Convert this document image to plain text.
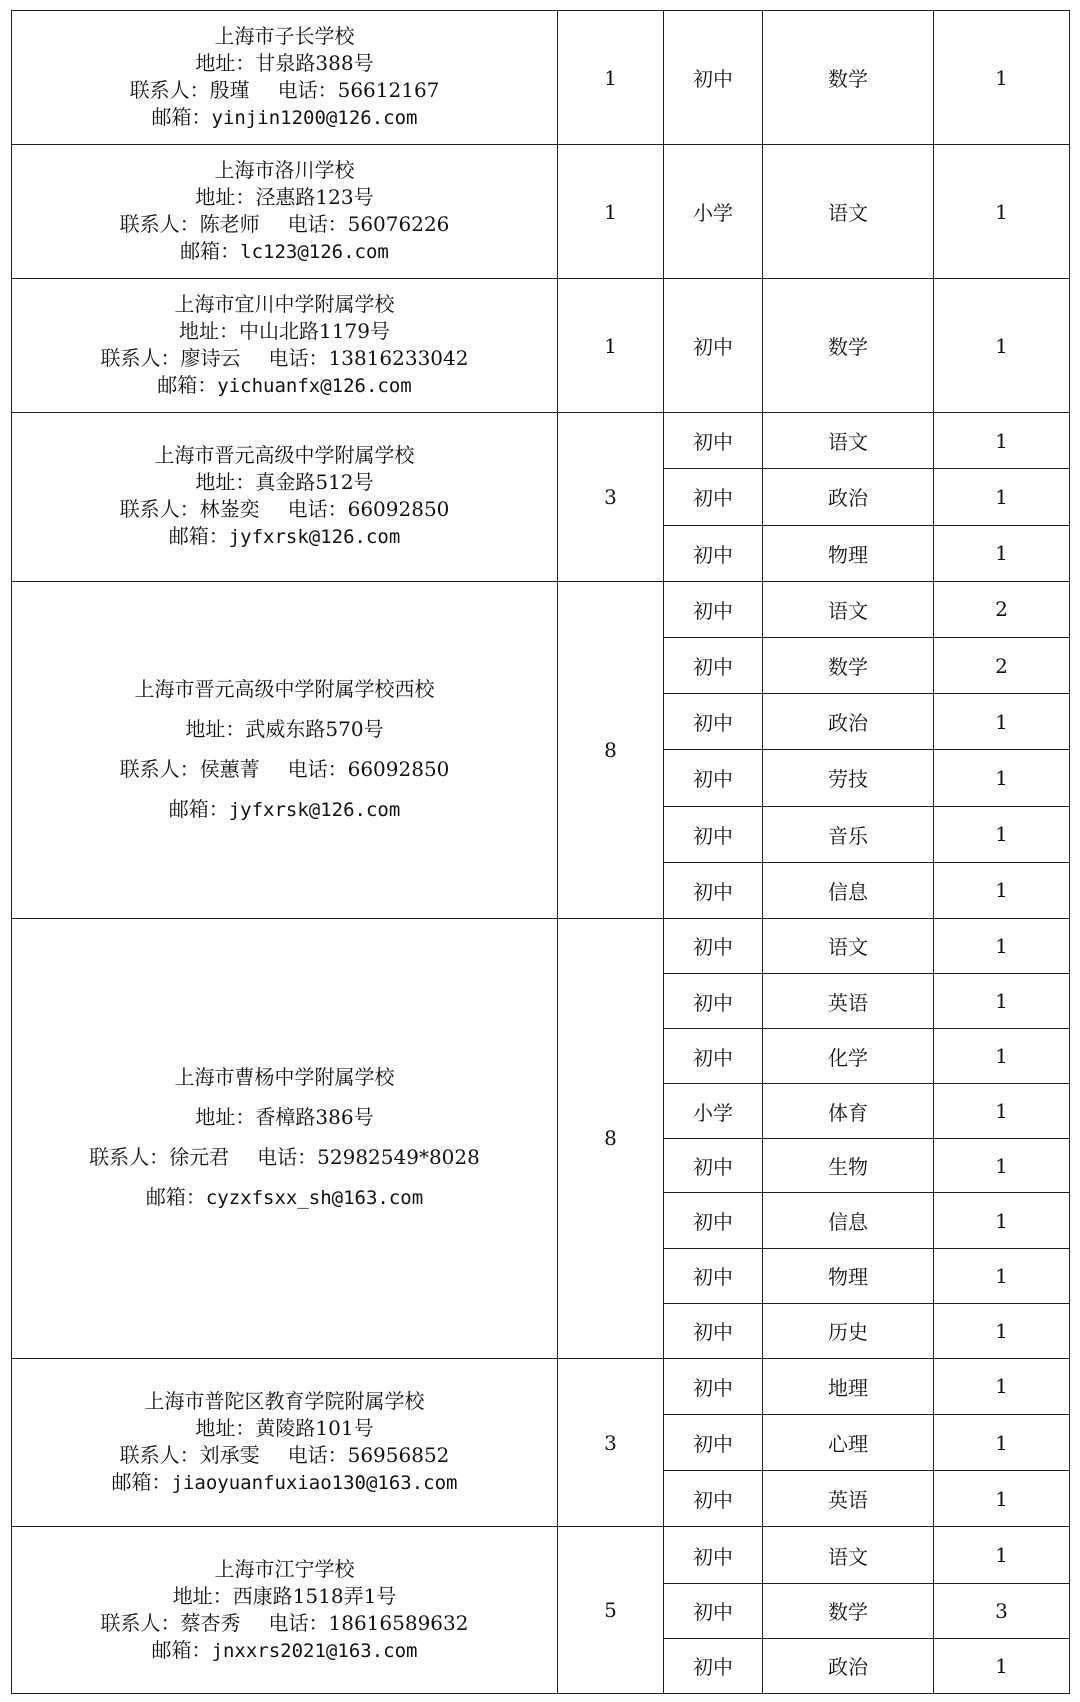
上海市子长学校
地址：甘泉路388号
联系人：殷瑾 电话：56612167
邮箱：yinjin1200@126.com	1	初中	数学	1

上海市洛川学校
地址：泾惠路123号
联系人：陈老师 电话：56076226
邮箱：lc123@126.com	1	小学	语文	1

上海市宜川中学附属学校
地址：中山北路1179号
联系人：廖诗云 电话：13816233042
邮箱：yichuanfx@126.com	1	初中	数学	1

上海市晋元高级中学附属学校
地址：真金路512号
联系人：林崟奕 电话：66092850
邮箱：jyfxrsk@126.com	3	初中	语文	1
		初中	政治	1
		初中	物理	1

上海市晋元高级中学附属学校西校
地址：武威东路570号
联系人：侯蕙菁 电话：66092850
邮箱：jyfxrsk@126.com	8	初中	语文	2
		初中	数学	2
		初中	政治	1
		初中	劳技	1
		初中	音乐	1
		初中	信息	1

上海市曹杨中学附属学校
地址：香樟路386号
联系人：徐元君 电话：52982549*8028
邮箱：cyzxfsxx_sh@163.com	8	初中	语文	1
		初中	英语	1
		初中	化学	1
		小学	体育	1
		初中	生物	1
		初中	信息	1
		初中	物理	1
		初中	历史	1

上海市普陀区教育学院附属学校
地址：黄陵路101号
联系人：刘承雯 电话：56956852
邮箱：jiaoyuanfuxiao130@163.com	3	初中	地理	1
		初中	心理	1
		初中	英语	1

上海市江宁学校
地址：西康路1518弄1号
联系人：蔡杏秀 电话：18616589632
邮箱：jnxxrs2021@163.com	5	初中	语文	1
		初中	数学	3
		初中	政治	1
